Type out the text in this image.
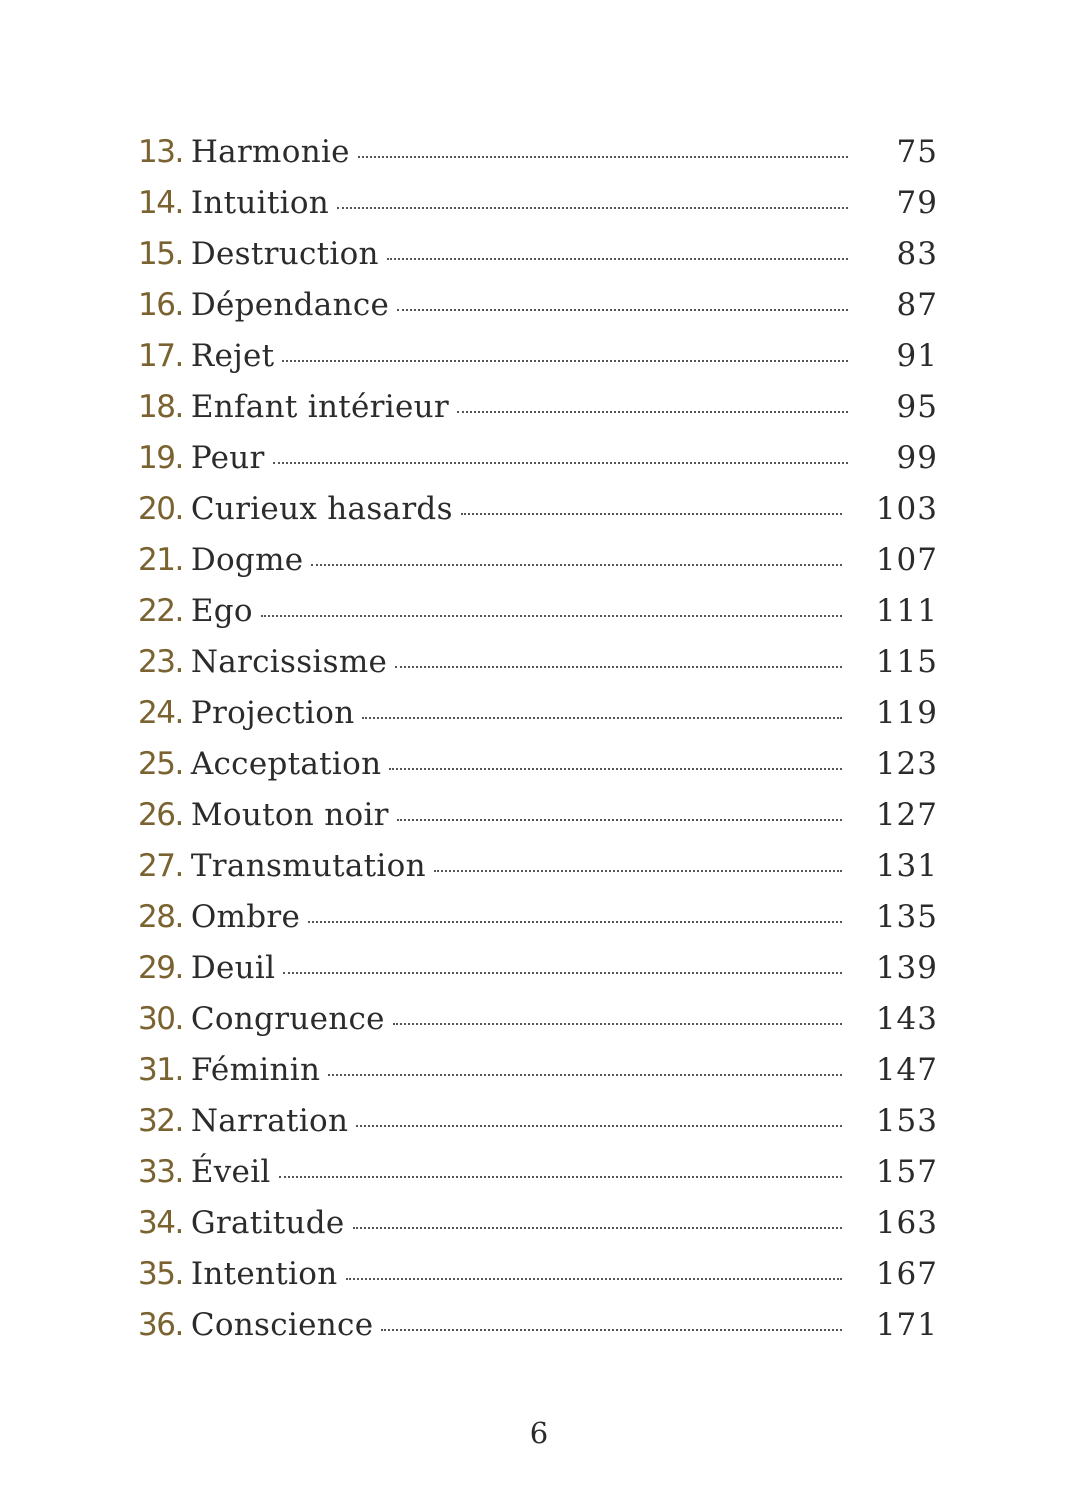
13. Harmonie	75
14. Intuition	79
15. Destruction	83
16. Dépendance	87
17. Rejet	91
18. Enfant intérieur	95
19. Peur	99
20. Curieux hasards	103
21. Dogme	107
22. Ego	111
23. Narcissisme	115
24. Projection	119
25. Acceptation	123
26. Mouton noir	127
27. Transmutation	131
28. Ombre	135
29. Deuil	139
30. Congruence	143
31. Féminin	147
32. Narration	153
33. Éveil	157
34. Gratitude	163
35. Intention	167
36. Conscience	171
6
